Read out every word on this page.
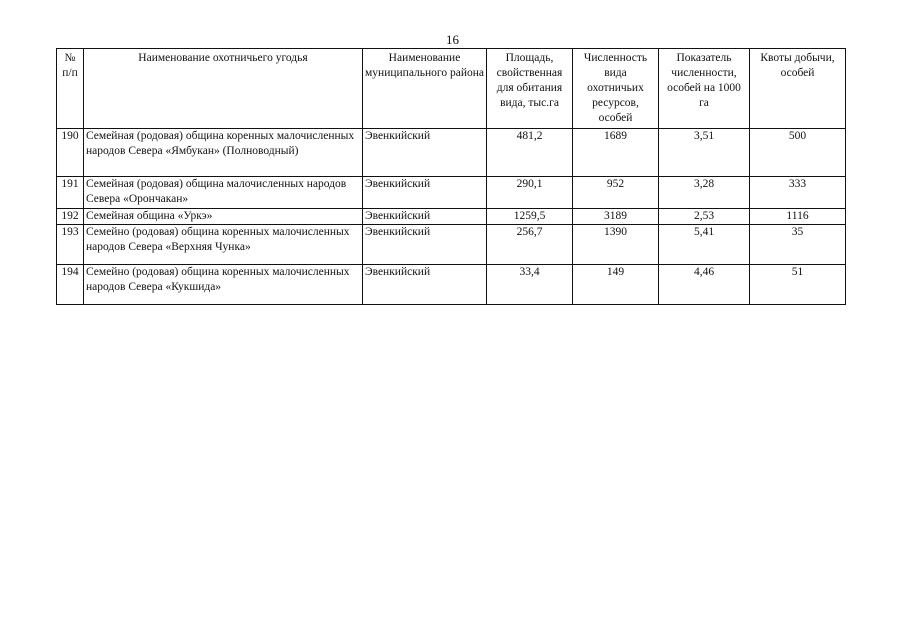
16
№ п/п	Наименование охотничьего угодья	Наименование муниципального района	Площадь, свойственная для обитания вида, тыс.га	Численность вида охотничьих ресурсов, особей	Показатель численности, особей на 1000 га	Квоты добычи, особей
190	Семейная (родовая) община коренных малочисленных народов Севера «Ямбукан» (Полноводный)	Эвенкийский	481,2	1689	3,51	500
191	Семейная (родовая) община малочисленных народов Севера «Орончакан»	Эвенкийский	290,1	952	3,28	333
192	Семейная община «Уркэ»	Эвенкийский	1259,5	3189	2,53	1116
193	Семейно (родовая) община коренных малочисленных народов Севера «Верхняя Чунка»	Эвенкийский	256,7	1390	5,41	35
194	Семейно (родовая) община коренных малочисленных народов Севера «Кукшида»	Эвенкийский	33,4	149	4,46	51
